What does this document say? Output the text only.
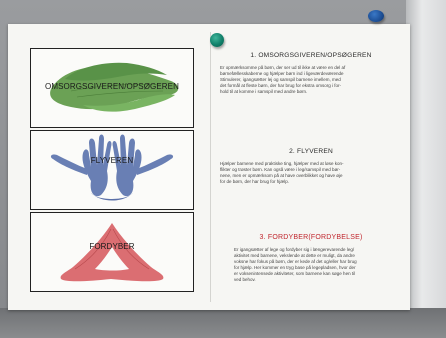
OMSORGSGIVEREN/OPSØGEREN
FLYVEREN
FORDYBER
1. OMSORGSGIVEREN/OPSØGEREN
Er opmærksomme på børn, der ser ud til ikke at være en del af
børnefællesskaberne og hjælper børn ind i ligeværdeværende
Stimulerer, igangsætter lej og samspil barnene imellem, med
det formål at fleste børn, der har brug for ekstra omsorg i for-
hold til at komme i samspil med andre børn.
2. FLYVEREN
Hjælper barnene med praktiske ting, hjælper med at løse kon-
flikter og trøster børn. Kan også være i leg/samspil med bør-
nene, men er opmærksom på at have overblikket og have øje
for de børn, der har brug for hjælp.
3. FORDYBER(FORDYBELSE)
Er igangsætter af lege og fordyber sig i længerevarende leg/
aktivitet med barnene, vekslende at dette er muligt, da andre
voksne har fokus på børn, der er kede af det og/eller har brug
for hjælp. Her kommer en tryg base på legepladsen, hvor der
er voksenintensede aktiviteter, som barnene kan søge hen til
ved behov.
